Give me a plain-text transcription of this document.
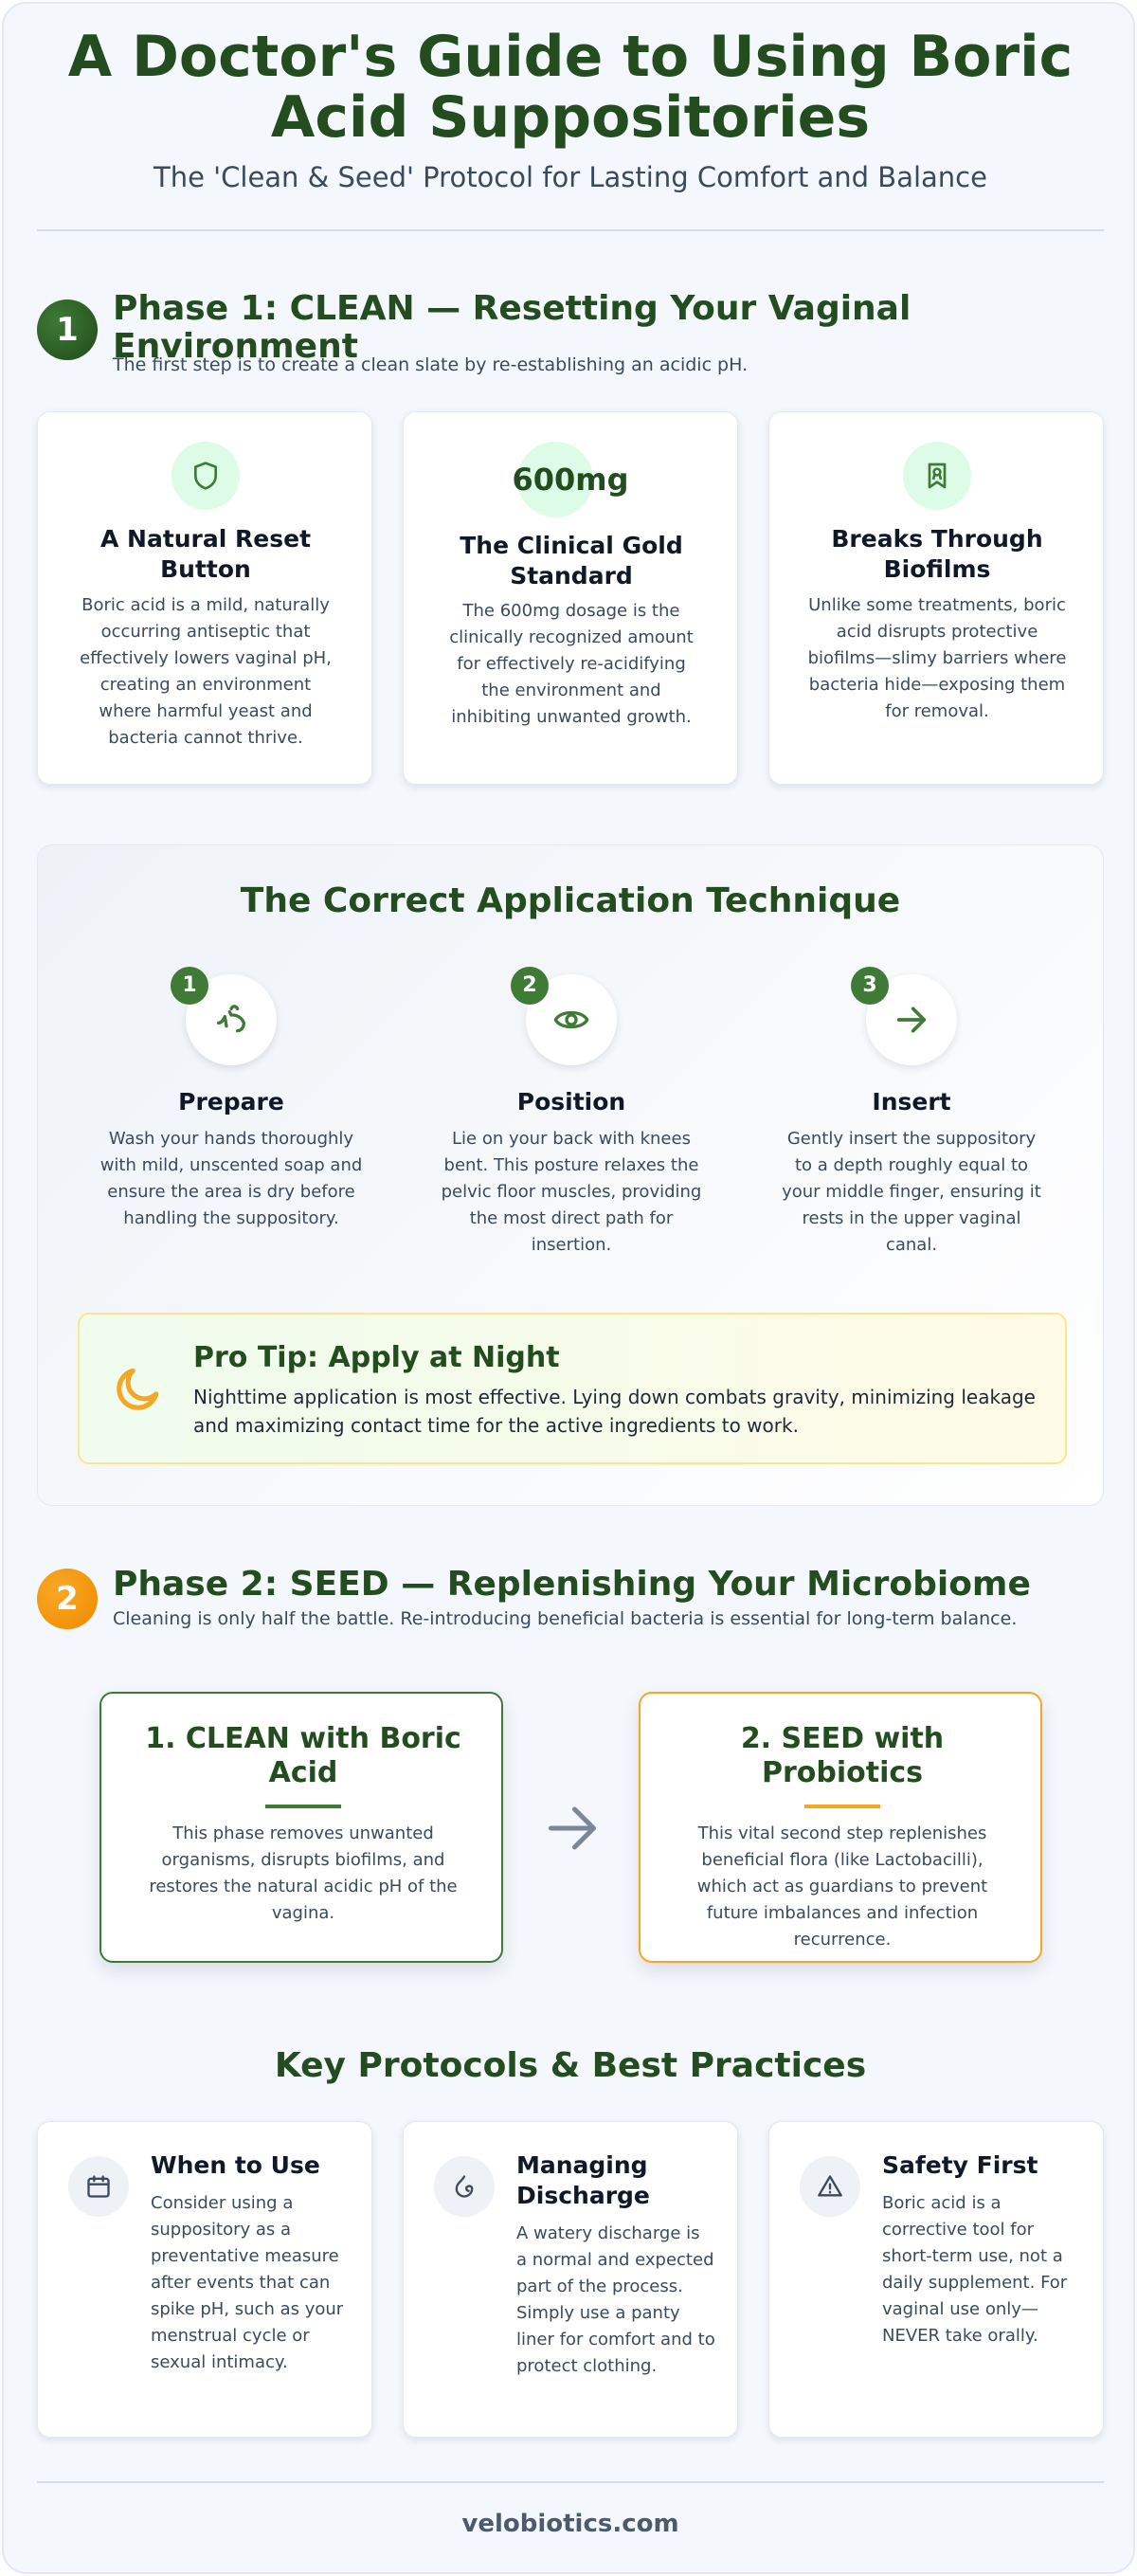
A Doctor's Guide to Using Boric Acid Suppositories
The 'Clean & Seed' Protocol for Lasting Comfort and Balance
1
Phase 1: CLEAN — Resetting Your Vaginal Environment
The first step is to create a clean slate by re-establishing an acidic pH.
A Natural Reset Button
Boric acid is a mild, naturally occurring antiseptic that effectively lowers vaginal pH, creating an environment where harmful yeast and bacteria cannot thrive.
600mg
The Clinical Gold Standard
The 600mg dosage is the clinically recognized amount for effectively re-acidifying the environment and inhibiting unwanted growth.
Breaks Through Biofilms
Unlike some treatments, boric acid disrupts protective biofilms—slimy barriers where bacteria hide—exposing them for removal.
The Correct Application Technique
1
Prepare
Wash your hands thoroughly with mild, unscented soap and ensure the area is dry before handling the suppository.
2
Position
Lie on your back with knees bent. This posture relaxes the pelvic floor muscles, providing the most direct path for insertion.
3
Insert
Gently insert the suppository to a depth roughly equal to your middle finger, ensuring it rests in the upper vaginal canal.
Pro Tip: Apply at Night
Nighttime application is most effective. Lying down combats gravity, minimizing leakage and maximizing contact time for the active ingredients to work.
2	Phase 2: SEED — Replenishing Your Microbiome
Cleaning is only half the battle. Re-introducing beneficial bacteria is essential for long-term balance.
1. CLEAN with Boric Acid
This phase removes unwanted organisms, disrupts biofilms, and restores the natural acidic pH of the vagina.
2. SEED with Probiotics
This vital second step replenishes beneficial flora (like Lactobacilli), which act as guardians to prevent future imbalances and infection recurrence.
Key Protocols & Best Practices
When to Use
Consider using a suppository as a preventative measure after events that can spike pH, such as your menstrual cycle or sexual intimacy.
Managing Discharge
A watery discharge is a normal and expected part of the process. Simply use a panty liner for comfort and to protect clothing.
Safety First
Boric acid is a corrective tool for short-term use, not a daily supplement. For vaginal use only—NEVER take orally.
velobiotics.com
